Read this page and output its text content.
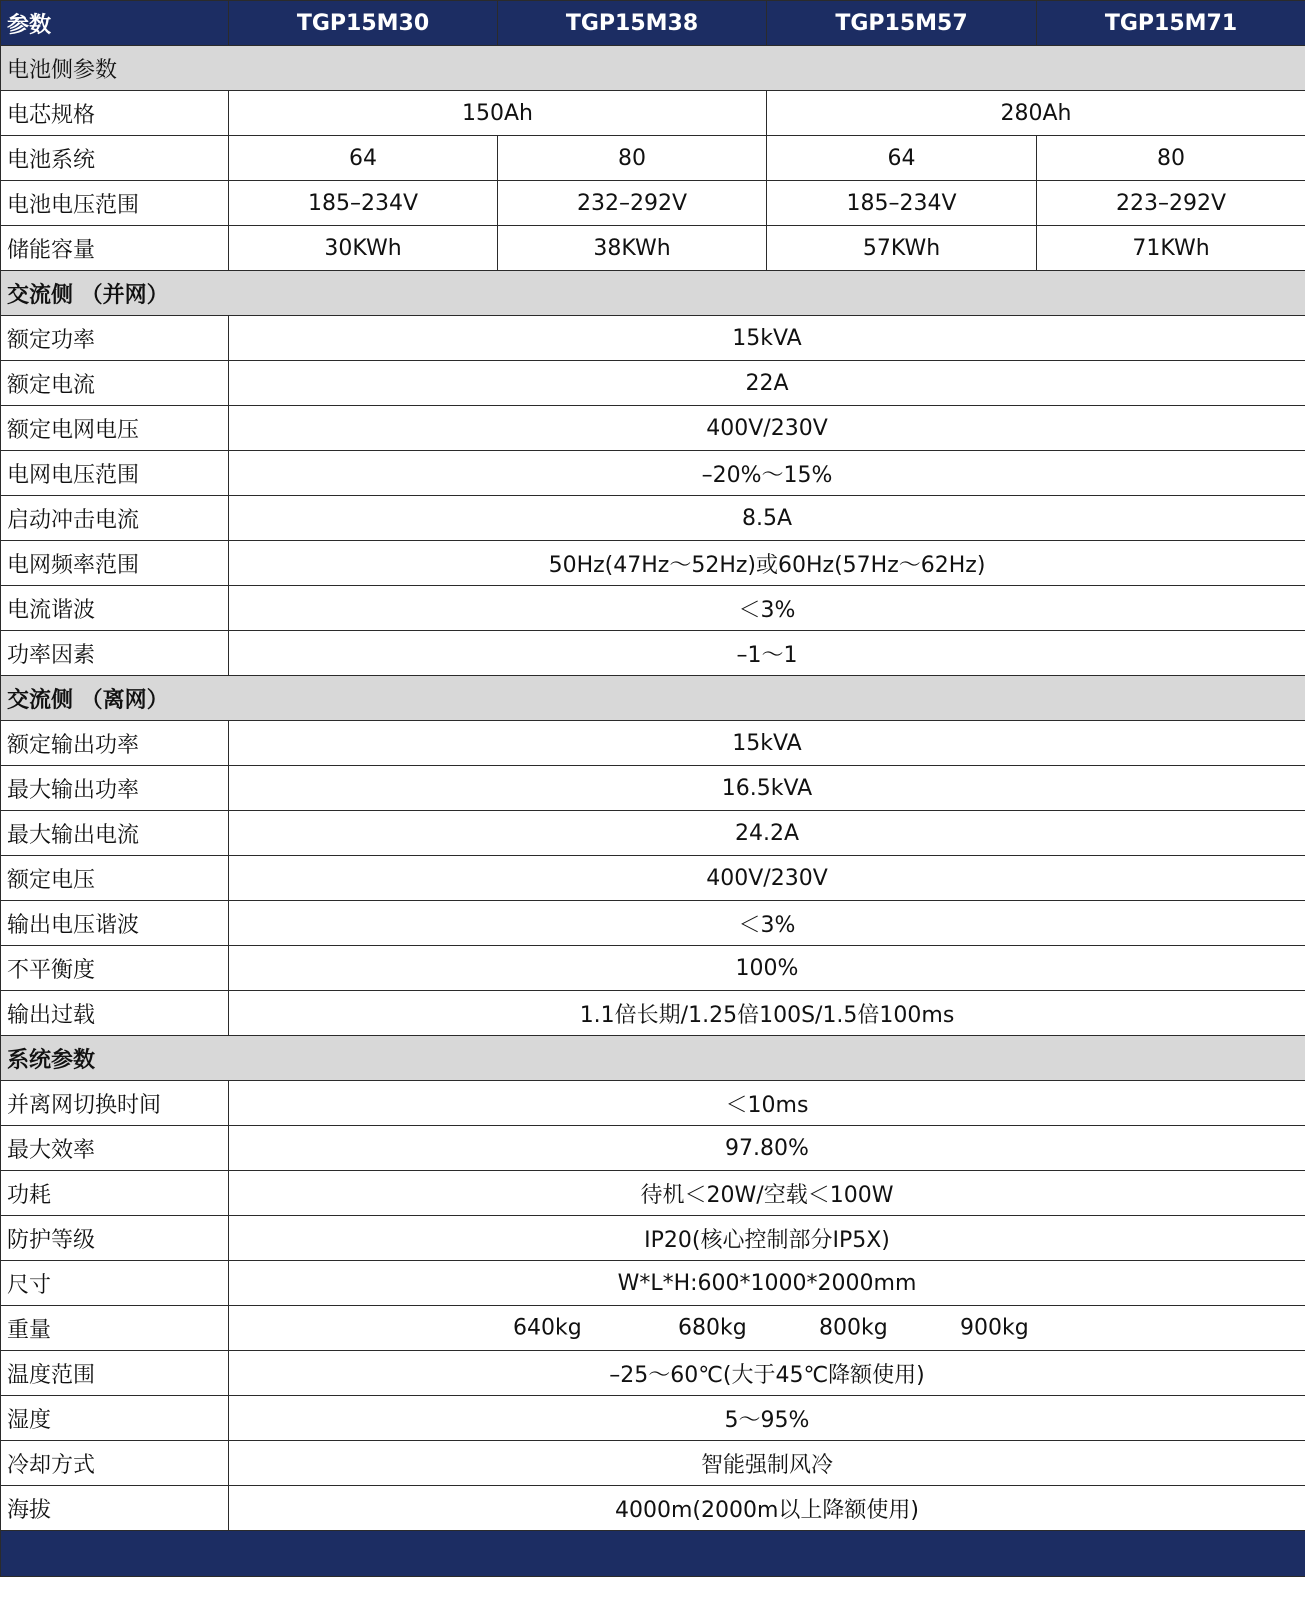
参数	TGP15M30	TGP15M38	TGP15M57	TGP15M71
电池侧参数				
电芯规格	150Ah		280Ah	
电池系统	64	80	64	80
电池电压范围	185–234V	232–292V	185–234V	223–292V
储能容量	30KWh	38KWh	57KWh	71KWh
交流侧 （并网）				
额定功率	15kVA			
额定电流	22A			
额定电网电压	400V/230V			
电网电压范围	–20%～15%			
启动冲击电流	8.5A			
电网频率范围	50Hz(47Hz～52Hz)或60Hz(57Hz～62Hz)			
电流谐波	＜3%			
功率因素	–1～1			
交流侧 （离网）				
额定输出功率	15kVA			
最大输出功率	16.5kVA			
最大输出电流	24.2A			
额定电压	400V/230V			
输出电压谐波	＜3%			
不平衡度	100%			
输出过载	1.1倍长期/1.25倍100S/1.5倍100ms			
系统参数				
并离网切换时间	＜10ms			
最大效率	97.80%			
功耗	待机＜20W/空载＜100W			
防护等级	IP20(核心控制部分IP5X)			
尺寸	W*L*H:600*1000*2000mm			
重量	640kg 680kg 800kg 900kg			

温度范围	–25～60℃(大于45℃降额使用)			
湿度	5～95%			
冷却方式	智能强制风冷			
海拔	4000m(2000m以上降额使用)			
